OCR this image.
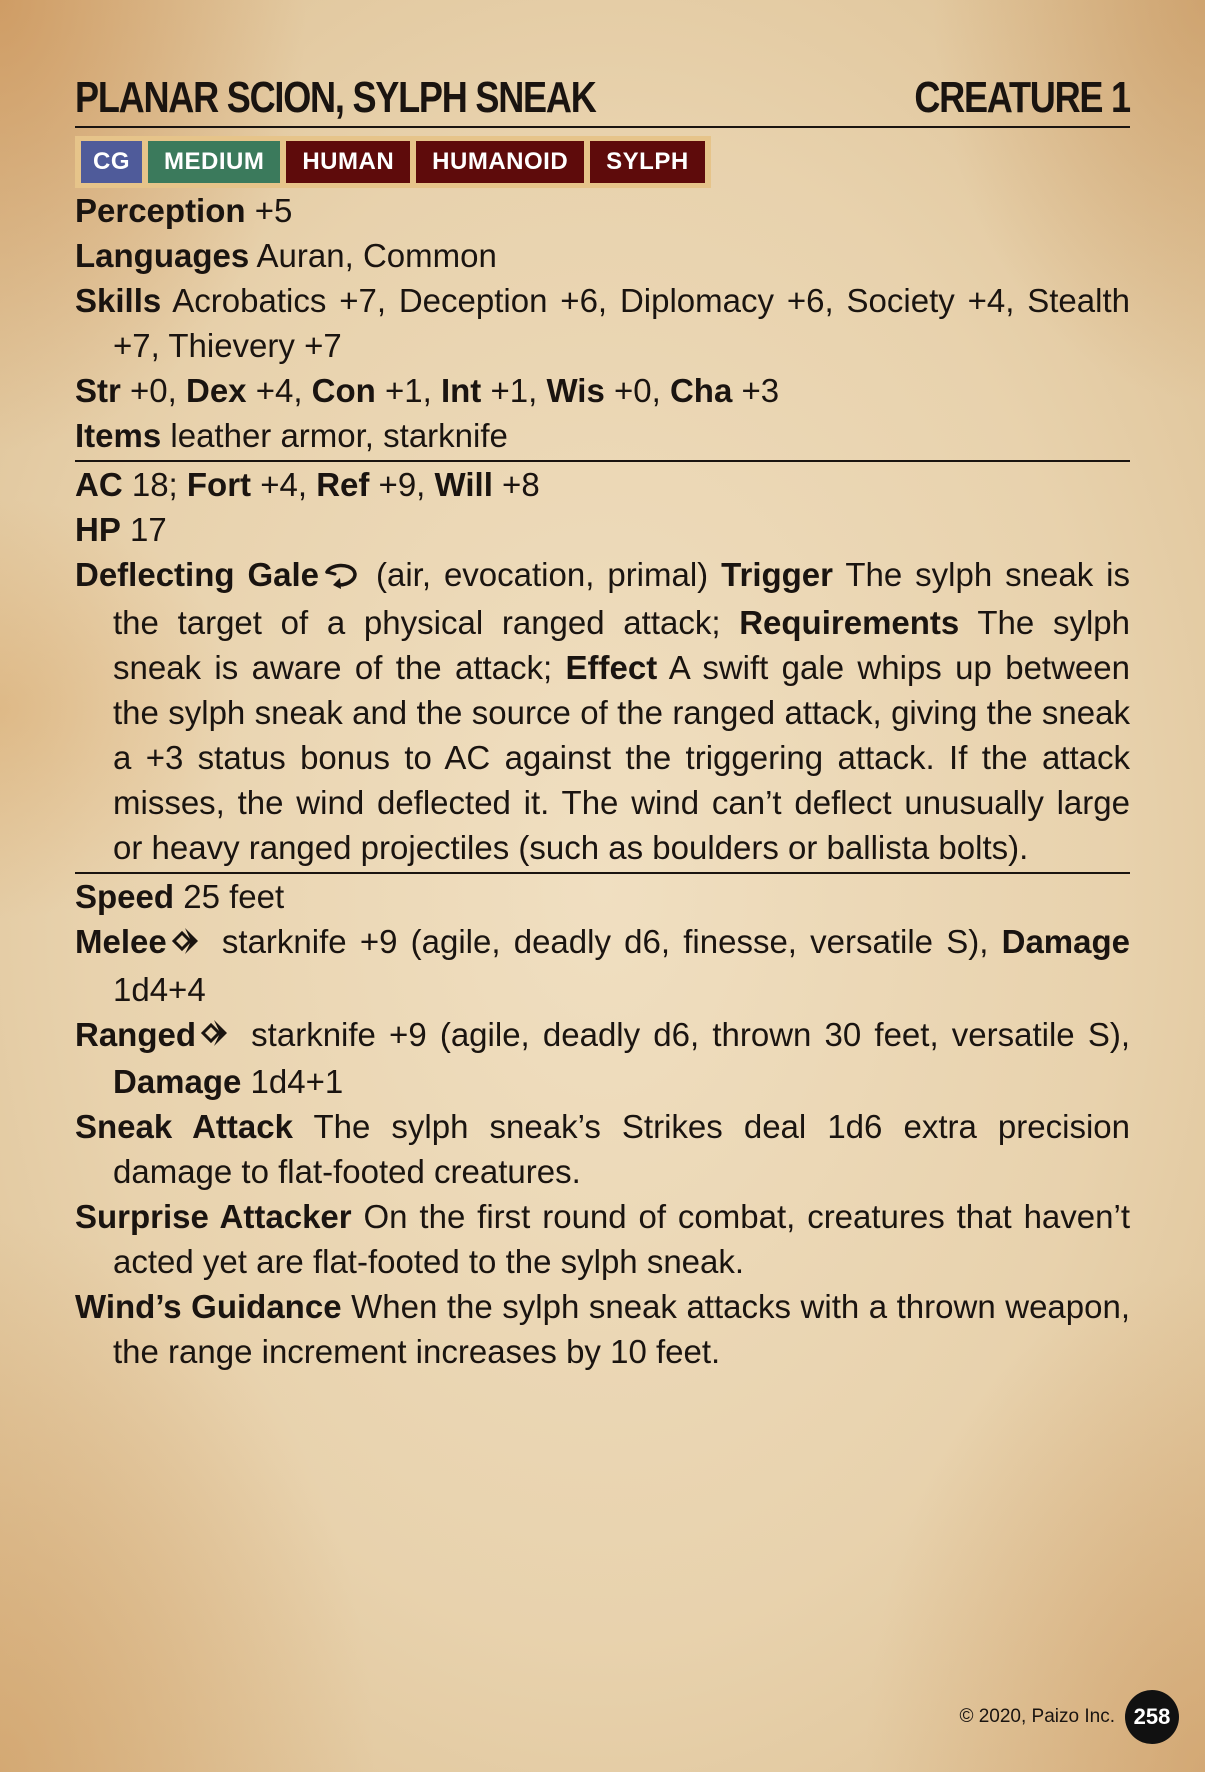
PLANAR SCION, SYLPH SNEAK	CREATURE 1
CG	MEDIUM	HUMAN	HUMANOID	SYLPH

Perception +5

Languages Auran, Common

Skills Acrobatics +7, Deception +6, Diplomacy +6, Society +4, Stealth +7, Thievery +7

Str +0, Dex +4, Con +1, Int +1, Wis +0, Cha +3

Items leather armor, starknife

AC 18; Fort +4, Ref +9, Will +8

HP 17

Deflecting Gale (air, evocation, primal) Trigger The sylph sneak is the target of a physical ranged attack; Requirements The sylph sneak is aware of the attack; Effect A swift gale whips up between the sylph sneak and the source of the ranged attack, giving the sneak a +3 status bonus to AC against the triggering attack. If the attack misses, the wind deflected it. The wind can’t deflect unusually large or heavy ranged projectiles (such as boulders or ballista bolts).

Speed 25 feet

Melee starknife +9 (agile, deadly d6, finesse, versatile S), Damage 1d4+4

Ranged starknife +9 (agile, deadly d6, thrown 30 feet, versatile S), Damage 1d4+1

Sneak Attack The sylph sneak’s Strikes deal 1d6 extra precision damage to flat-footed creatures.

Surprise Attacker On the first round of combat, creatures that haven’t acted yet are flat-footed to the sylph sneak.

Wind’s Guidance When the sylph sneak attacks with a thrown weapon, the range increment increases by 10 feet.

© 2020, Paizo Inc. 258
